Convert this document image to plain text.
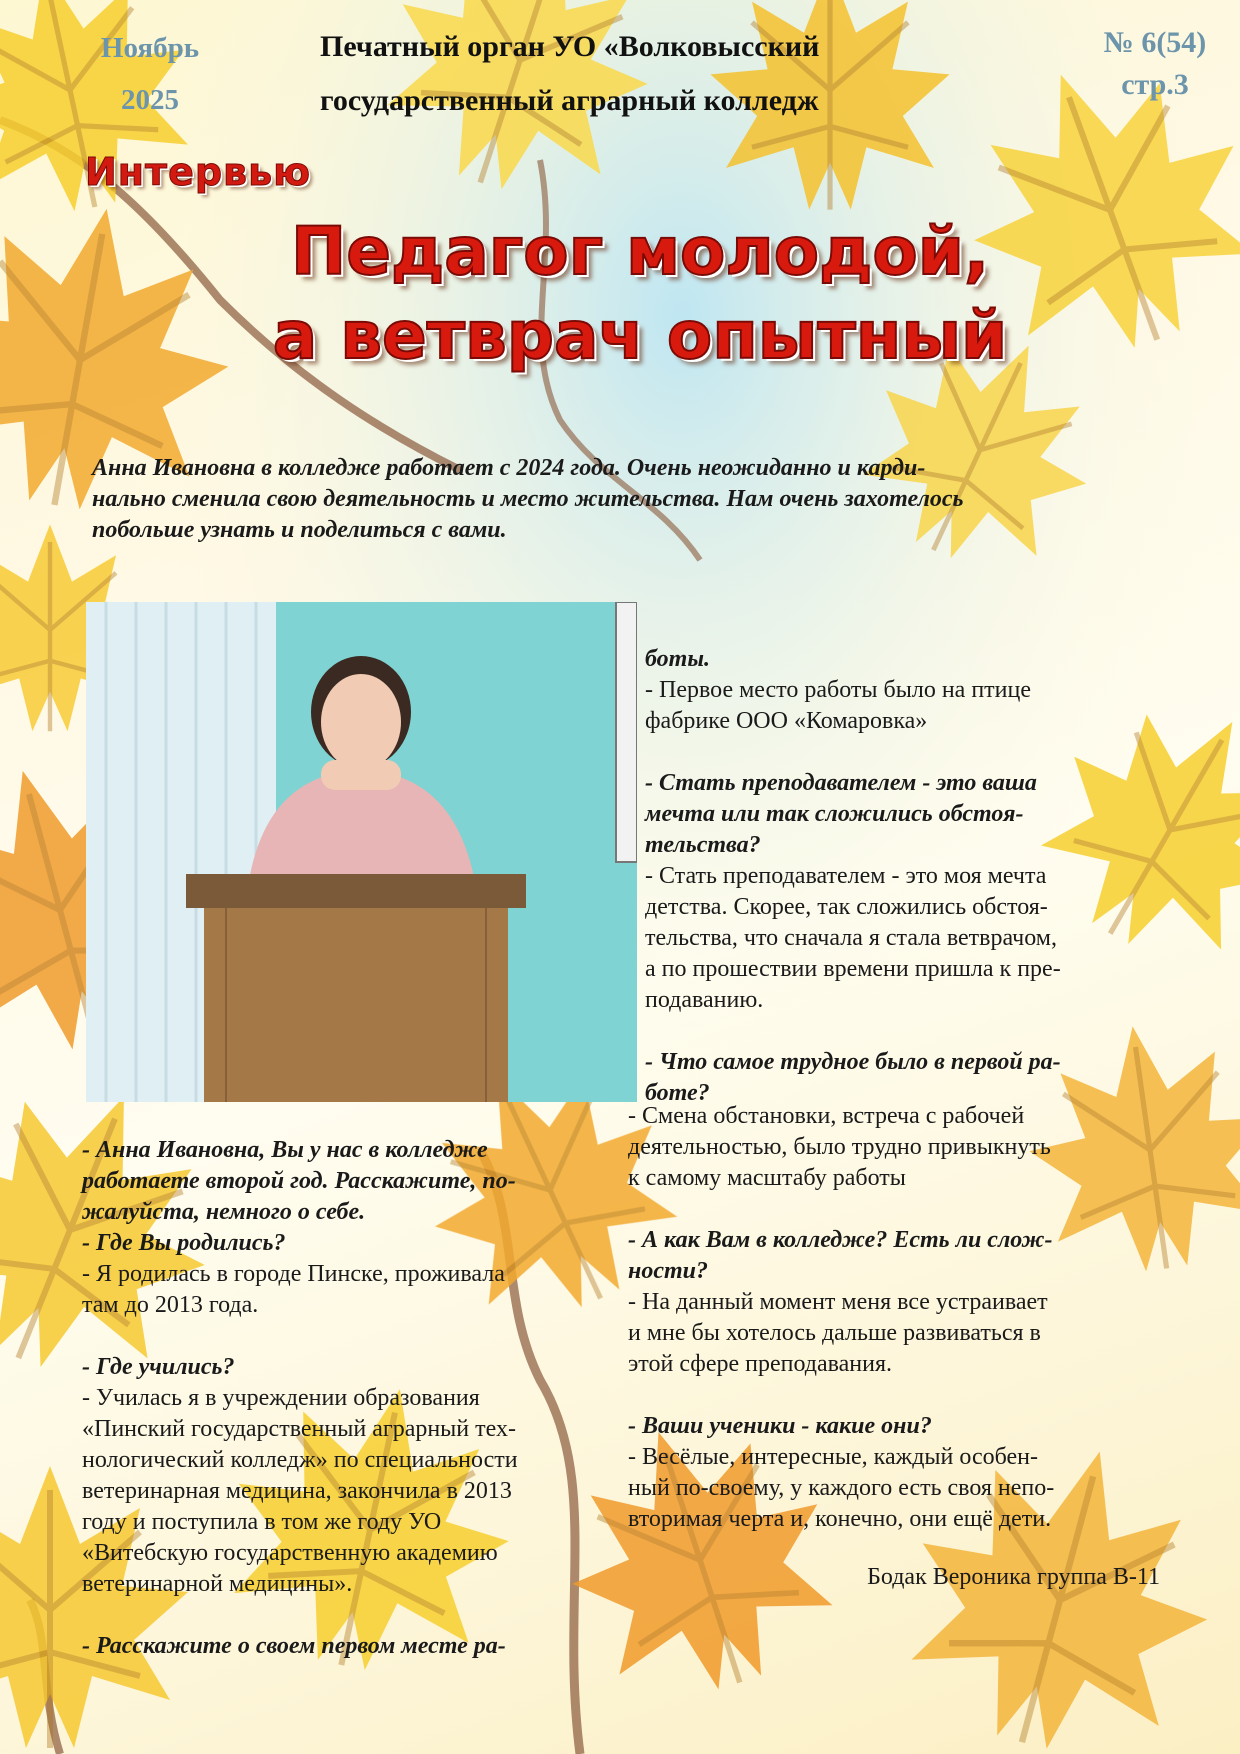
Ноябрь
2025
Печатный орган УО «Волковысский
государственный аграрный колледж
№ 6(54)
стр.3
Интервью
Педагог молодой,
а ветврач опытный
Анна Ивановна в колледже работает с 2024 года. Очень неожиданно и карди-
нально сменила свою деятельность и место жительства. Нам очень захотелось
побольше узнать и поделиться с вами.

- Анна Ивановна, Вы у нас в колледже
работаете второй год. Расскажите, по-
жалуйста, немного о себе.

- Где Вы родились?

- Я родилась в городе Пинске, проживала
там до 2013 года.

- Где учились?

- Училась я в учреждении образования
«Пинский государственный аграрный тех-
нологический колледж» по специальности
ветеринарная медицина, закончила в 2013
году и поступила в том же году УО
«Витебскую государственную академию
ветеринарной медицины».

- Расскажите о своем первом месте ра-

боты.

- Первое место работы было на птице
фабрике ООО «Комаровка»

- Стать преподавателем - это ваша
мечта или так сложились обстоя-
тельства?

- Стать преподавателем - это моя мечта
детства. Скорее, так сложились обстоя-
тельства, что сначала я стала ветврачом,
а по прошествии времени пришла к пре-
подаванию.

- Что самое трудное было в первой ра-
боте?

- Смена обстановки, встреча с рабочей
деятельностью, было трудно привыкнуть
к самому масштабу работы

- А как Вам в колледже? Есть ли слож-
ности?

- На данный момент меня все устраивает
и мне бы хотелось дальше развиваться в
этой сфере преподавания.

- Ваши ученики - какие они?

- Весёлые, интересные, каждый особен-
ный по-своему, у каждого есть своя непо-
вторимая черта и, конечно, они ещё дети.

Бодак Вероника группа В-11
